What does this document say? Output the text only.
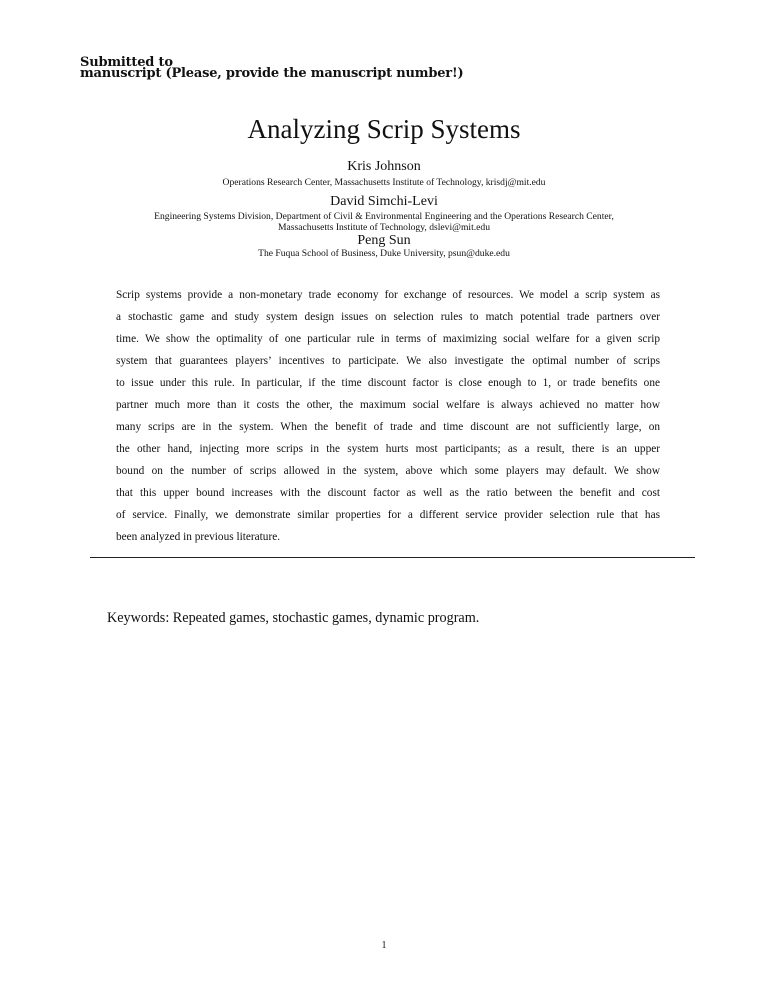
Submitted to
manuscript (Please, provide the manuscript number!)
Analyzing Scrip Systems
Kris Johnson
Operations Research Center, Massachusetts Institute of Technology, krisdj@mit.edu
David Simchi-Levi
Engineering Systems Division, Department of Civil & Environmental Engineering and the Operations Research Center,
Massachusetts Institute of Technology, dslevi@mit.edu
Peng Sun
The Fuqua School of Business, Duke University, psun@duke.edu
Scrip systems provide a non-monetary trade economy for exchange of resources. We model a scrip system as
a stochastic game and study system design issues on selection rules to match potential trade partners over
time. We show the optimality of one particular rule in terms of maximizing social welfare for a given scrip
system that guarantees players’ incentives to participate. We also investigate the optimal number of scrips
to issue under this rule. In particular, if the time discount factor is close enough to 1, or trade benefits one
partner much more than it costs the other, the maximum social welfare is always achieved no matter how
many scrips are in the system. When the benefit of trade and time discount are not sufficiently large, on
the other hand, injecting more scrips in the system hurts most participants; as a result, there is an upper
bound on the number of scrips allowed in the system, above which some players may default. We show
that this upper bound increases with the discount factor as well as the ratio between the benefit and cost
of service. Finally, we demonstrate similar properties for a different service provider selection rule that has
been analyzed in previous literature.
Keywords: Repeated games, stochastic games, dynamic program.
1
